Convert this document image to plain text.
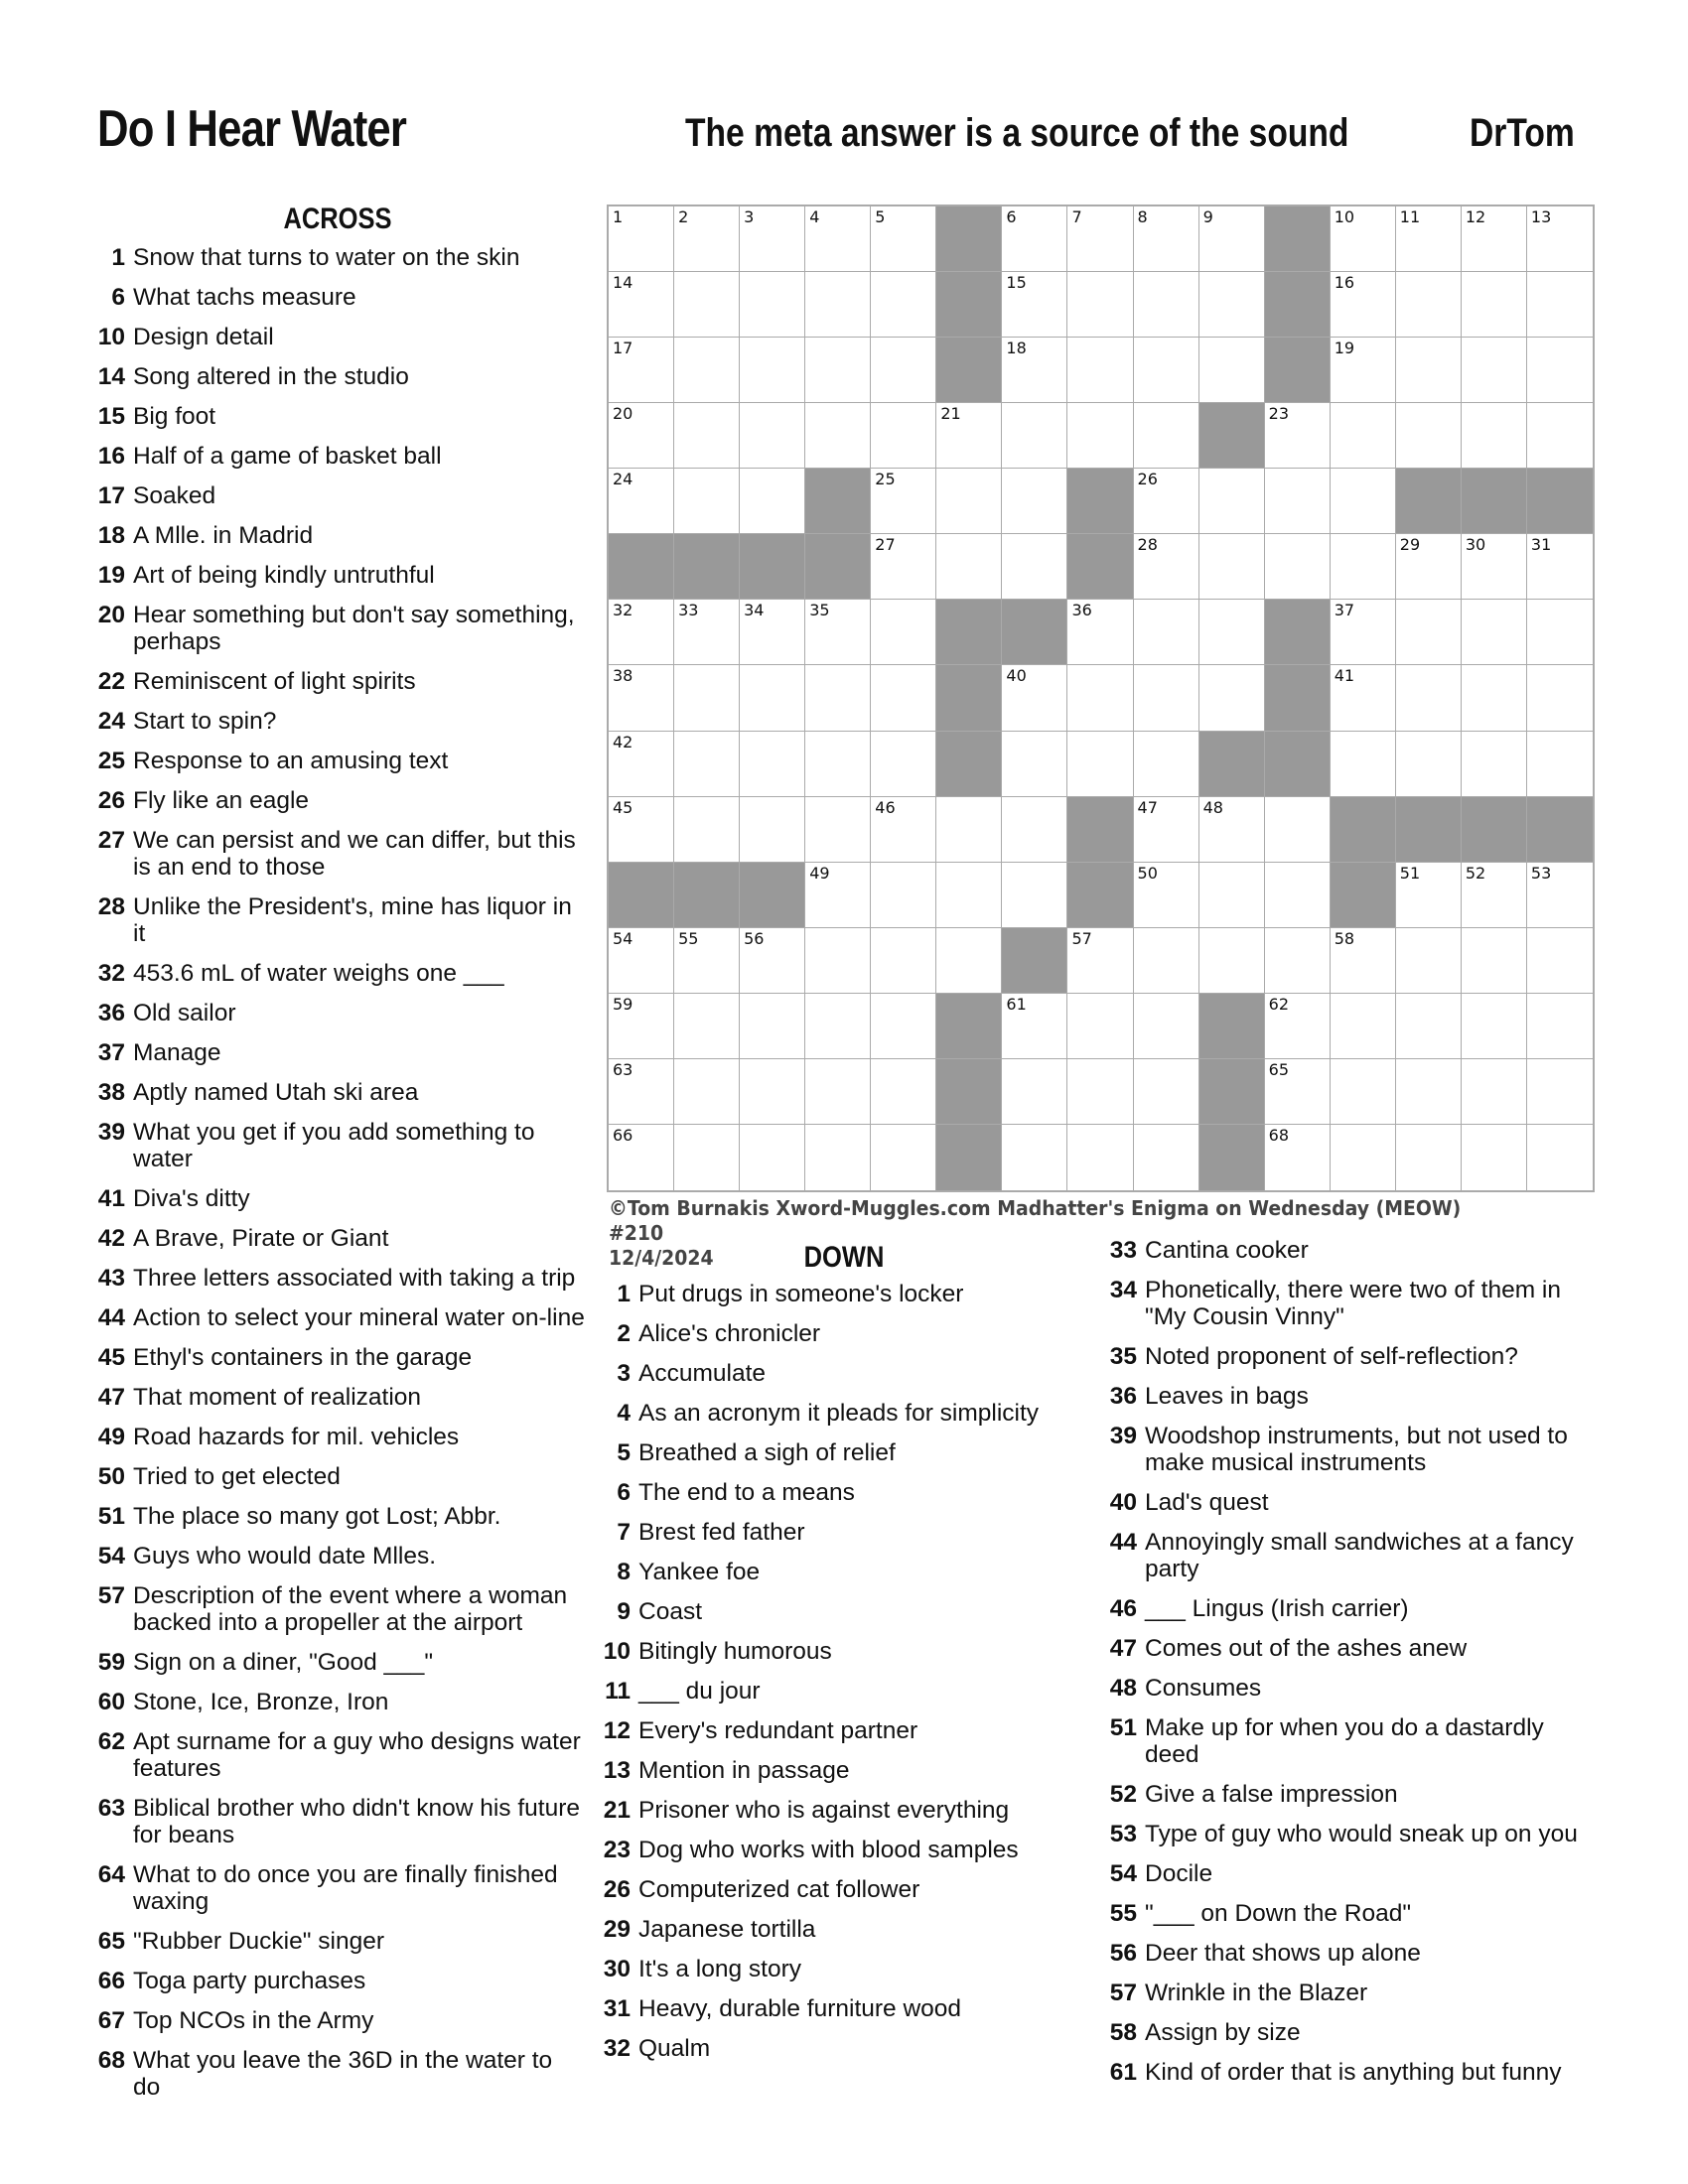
Do I Hear Water	The meta answer is a source of the sound	DrTom
ACROSS
1 Snow that turns to water on the skin
6 What tachs measure
10 Design detail
14 Song altered in the studio
15 Big foot
16 Half of a game of basket ball
17 Soaked
18 A Mlle. in Madrid
19 Art of being kindly untruthful
20 Hear something but don't say something, perhaps
22 Reminiscent of light spirits
24 Start to spin?
25 Response to an amusing text
26 Fly like an eagle
27 We can persist and we can differ, but this is an end to those
28 Unlike the President's, mine has liquor in it
32 453.6 mL of water weighs one ___
36 Old sailor
37 Manage
38 Aptly named Utah ski area
39 What you get if you add something to water
41 Diva's ditty
42 A Brave, Pirate or Giant
43 Three letters associated with taking a trip
44 Action to select your mineral water on-line
45 Ethyl's containers in the garage
47 That moment of realization
49 Road hazards for mil. vehicles
50 Tried to get elected
51 The place so many got Lost; Abbr.
54 Guys who would date Mlles.
57 Description of the event where a woman backed into a propeller at the airport
59 Sign on a diner, "Good ___"
60 Stone, Ice, Bronze, Iron
62 Apt surname for a guy who designs water features
63 Biblical brother who didn't know his future for beans
64 What to do once you are finally finished waxing
65 "Rubber Duckie" singer
66 Toga party purchases
67 Top NCOs in the Army
68 What you leave the 36D in the water to do
1	2	3	4	5	6	7	8	9	10	11	12	13
14	15	16
17	18	19
20	21	23
24	25	26
27	28	29	30	31
32	33	34	35	36	37
38	40	41
42
45	46	47	48
49	50	51	52	53
54	55	56	57	58
59	61	62
63	65
66	68
©Tom Burnakis Xword-Muggles.com Madhatter's Enigma on Wednesday (MEOW) #210
12/4/2024	DOWN
1 Put drugs in someone's locker
2 Alice's chronicler
3 Accumulate
4 As an acronym it pleads for simplicity
5 Breathed a sigh of relief
6 The end to a means
7 Brest fed father
8 Yankee foe
9 Coast
10 Bitingly humorous
11 ___ du jour
12 Every's redundant partner
13 Mention in passage
21 Prisoner who is against everything
23 Dog who works with blood samples
26 Computerized cat follower
29 Japanese tortilla
30 It's a long story
31 Heavy, durable furniture wood
32 Qualm
33 Cantina cooker
34 Phonetically, there were two of them in "My Cousin Vinny"
35 Noted proponent of self-reflection?
36 Leaves in bags
39 Woodshop instruments, but not used to make musical instruments
40 Lad's quest
44 Annoyingly small sandwiches at a fancy party
46 ___ Lingus (Irish carrier)
47 Comes out of the ashes anew
48 Consumes
51 Make up for when you do a dastardly deed
52 Give a false impression
53 Type of guy who would sneak up on you
54 Docile
55 "___ on Down the Road"
56 Deer that shows up alone
57 Wrinkle in the Blazer
58 Assign by size
61 Kind of order that is anything but funny
